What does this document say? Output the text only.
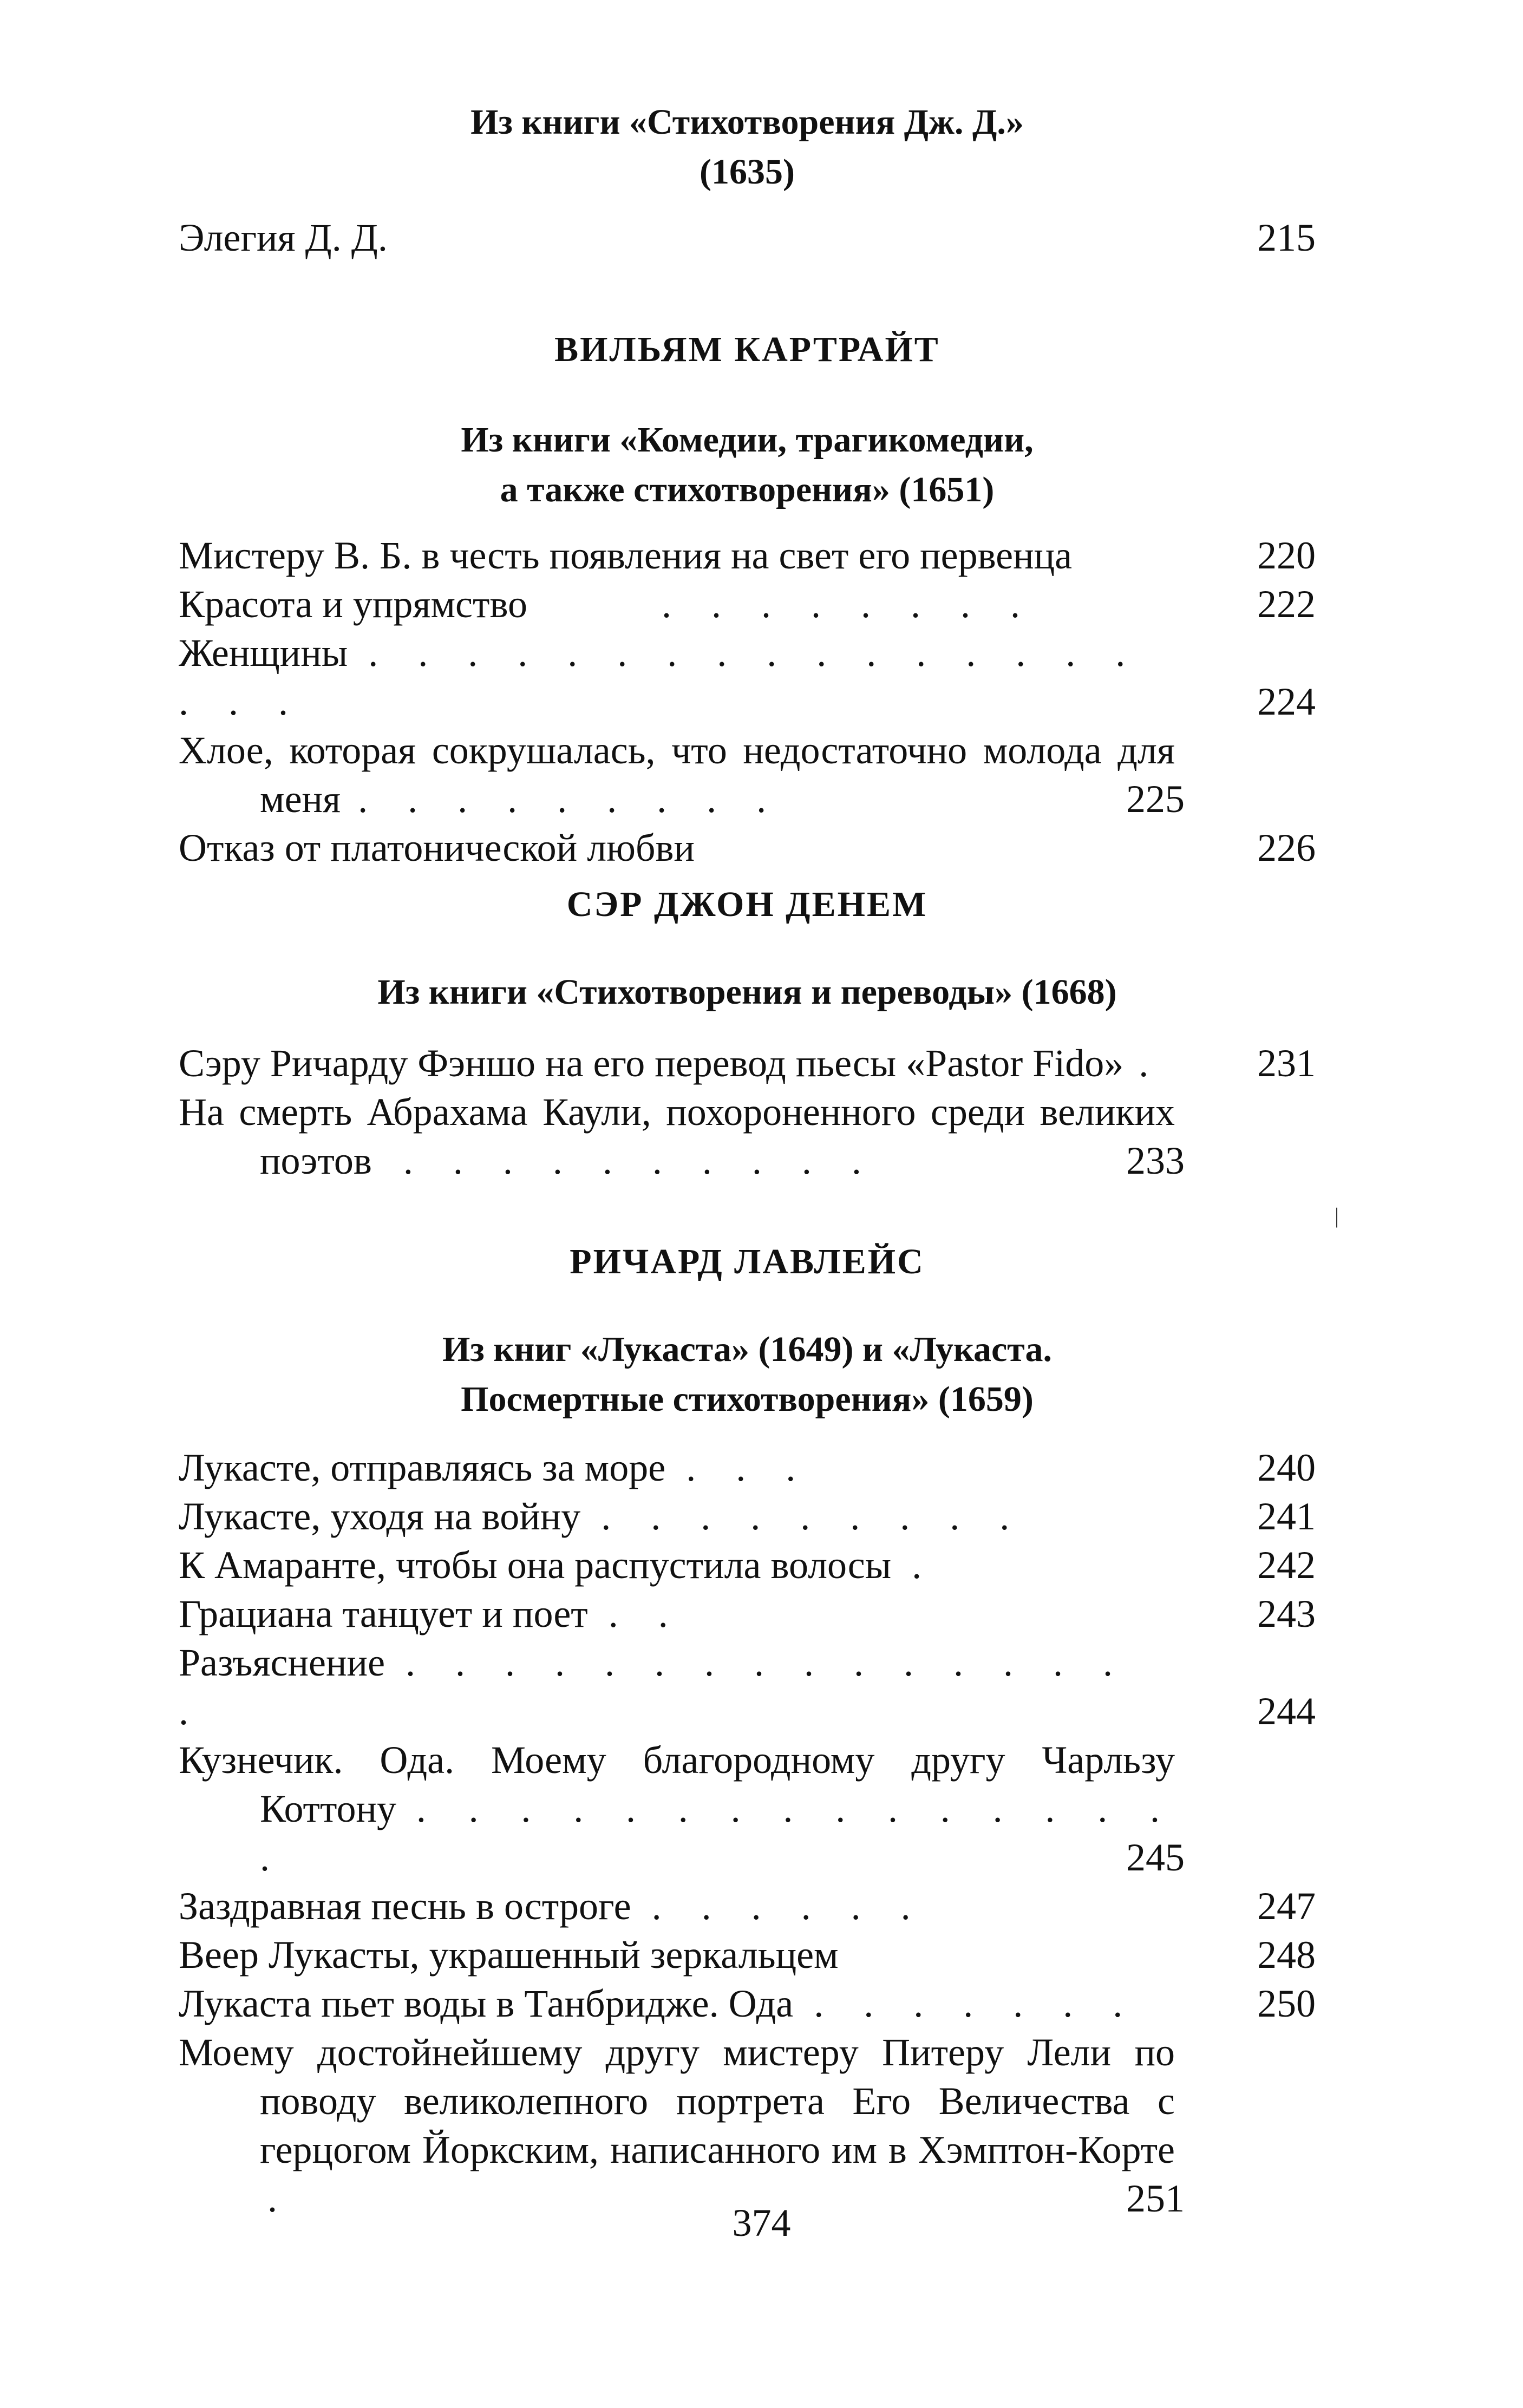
Из книги «Стихотворения Дж. Д.»
(1635)
Элегия Д. Д.	215
ВИЛЬЯМ КАРТРАЙТ
Из книги «Комедии, трагикомедии,
а также стихотворения» (1651)
Мистеру В. Б. в честь появления на свет его первенца	220
Красота и упрямство	. . . . . . . .	222
Женщины . . . . . . . . . . . . . . . . . . .	224
Хлое, которая сокрушалась, что недостаточно молода для меня . . . . . . . . .	225
Отказ от платонической любви	226
СЭР ДЖОН ДЕНЕМ
Из книги «Стихотворения и переводы» (1668)
Сэру Ричарду Фэншо на его перевод пьесы «Pastor Fido» .	231
На смерть Абрахама Каули, похороненного среди великих поэтов . . . . . . . . . .	233
|
РИЧАРД ЛАВЛЕЙС
Из книг «Лукаста» (1649) и «Лукаста.
Посмертные стихотворения» (1659)
Лукасте, отправляясь за море . . .	240
Лукасте, уходя на войну . . . . . . . . .	241
К Амаранте, чтобы она распустила волосы .	242
Грациана танцует и поет . .	243
Разъяснение . . . . . . . . . . . . . . . .	244
Кузнечик. Ода. Моему благородному другу Чарльзу Коттону . . . . . . . . . . . . . . . .	245
Заздравная песнь в остроге . . . . . .	247
Веер Лукасты, украшенный зеркальцем	248
Лукаста пьет воды в Танбридже. Ода . . . . . . .	250
Моему достойнейшему другу мистеру Питеру Лели по поводу великолепного портрета Его Величества с герцогом Йоркским, написанного им в Хэмптон-Корте .	251
374
